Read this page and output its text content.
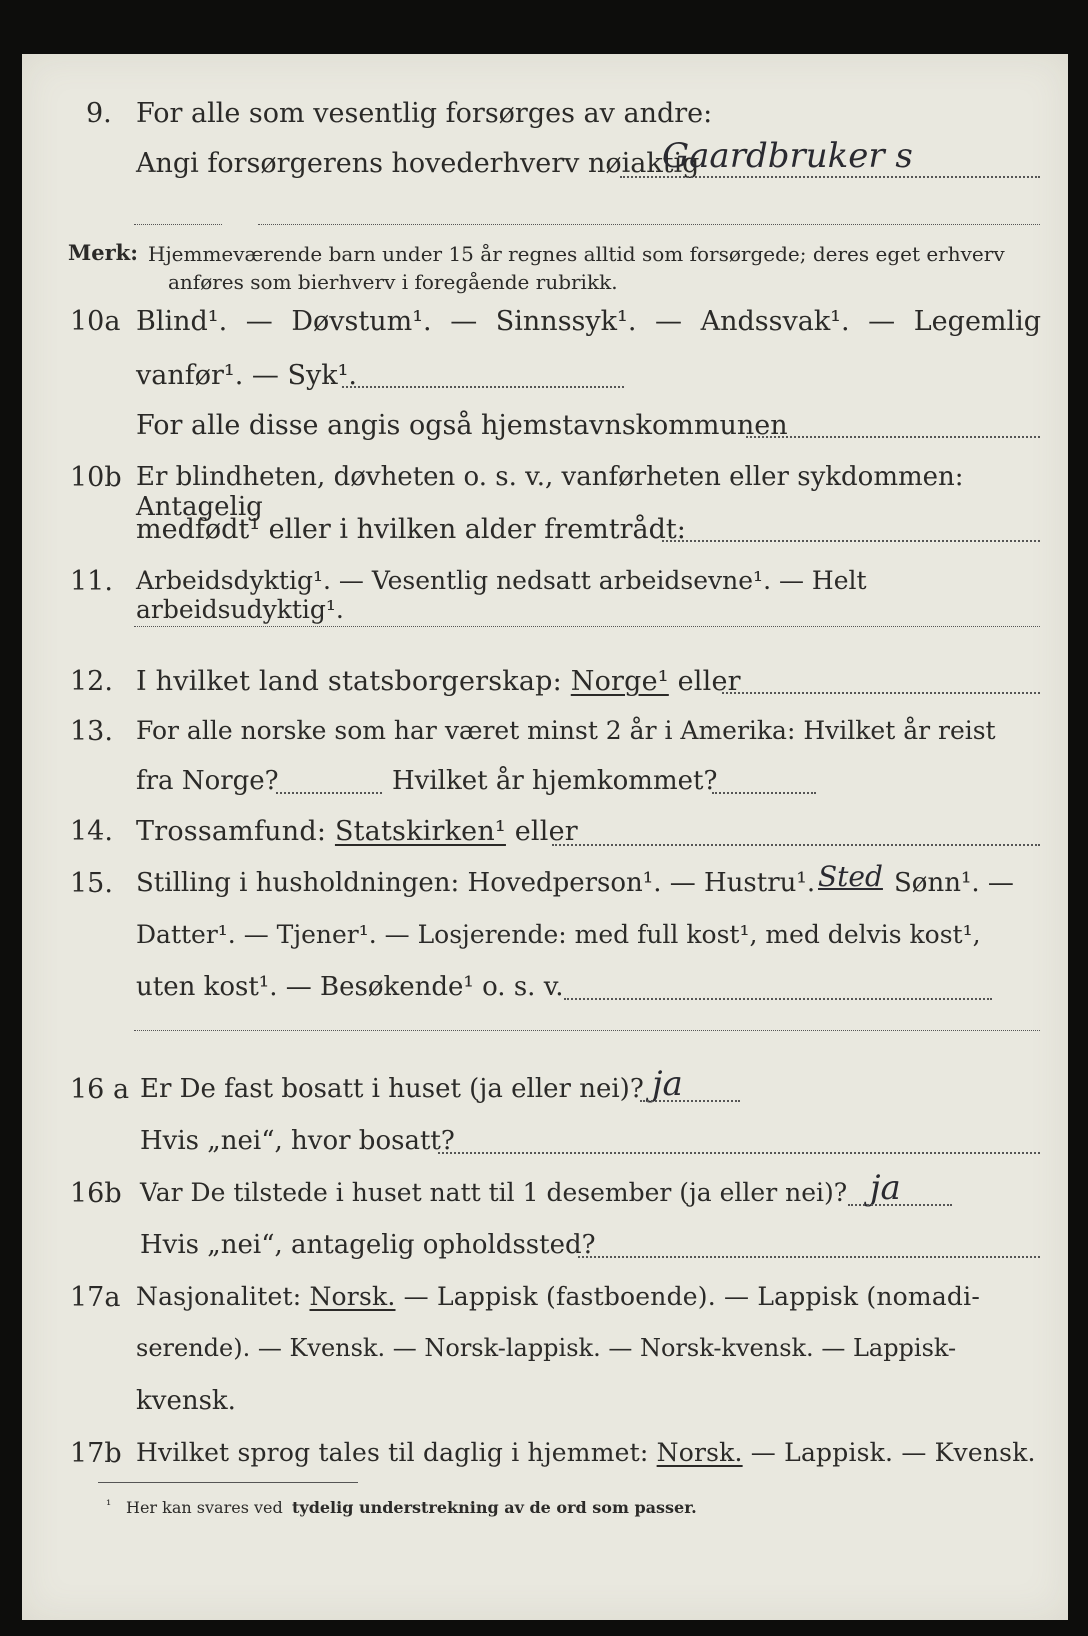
9. For alle som vesentlig forsørges av andre:
Angi forsørgerens hovederhverv nøiaktig
Gaardbruker s
Merk: Hjemmeværende barn under 15 år regnes alltid som forsørgede; deres eget erhverv
anføres som bierhverv i foregående rubrikk.
10a Blind¹. — Døvstum¹. — Sinnssyk¹. — Andssvak¹. — Legemlig
vanfør¹. — Syk¹.
For alle disse angis også hjemstavnskommunen
10b Er blindheten, døvheten o. s. v., vanførheten eller sykdommen: Antagelig
medfødt¹ eller i hvilken alder fremtrådt:
11. Arbeidsdyktig¹. — Vesentlig nedsatt arbeidsevne¹. — Helt arbeidsudyktig¹.
12. I hvilket land statsborgerskap: Norge¹ eller
13. For alle norske som har været minst 2 år i Amerika: Hvilket år reist
fra Norge?	Hvilket år hjemkommet?
14. Trossamfund: Statskirken¹ eller
15. Stilling i husholdningen: Hovedperson¹. — Hustru¹. Sted Sønn¹. —
Datter¹. — Tjener¹. — Losjerende: med full kost¹, med delvis kost¹,
uten kost¹. — Besøkende¹ o. s. v.
16 a Er De fast bosatt i huset (ja eller nei)? ja
Hvis „nei“, hvor bosatt?
16b Var De tilstede i huset natt til 1 desember (ja eller nei)? ja
Hvis „nei“, antagelig opholdssted?
17a Nasjonalitet: Norsk. — Lappisk (fastboende). — Lappisk (nomadi-
serende). — Kvensk. — Norsk-lappisk. — Norsk-kvensk. — Lappisk-
kvensk.
17b Hvilket sprog tales til daglig i hjemmet: Norsk. — Lappisk. — Kvensk.
¹ Her kan svares ved tydelig understrekning av de ord som passer.
